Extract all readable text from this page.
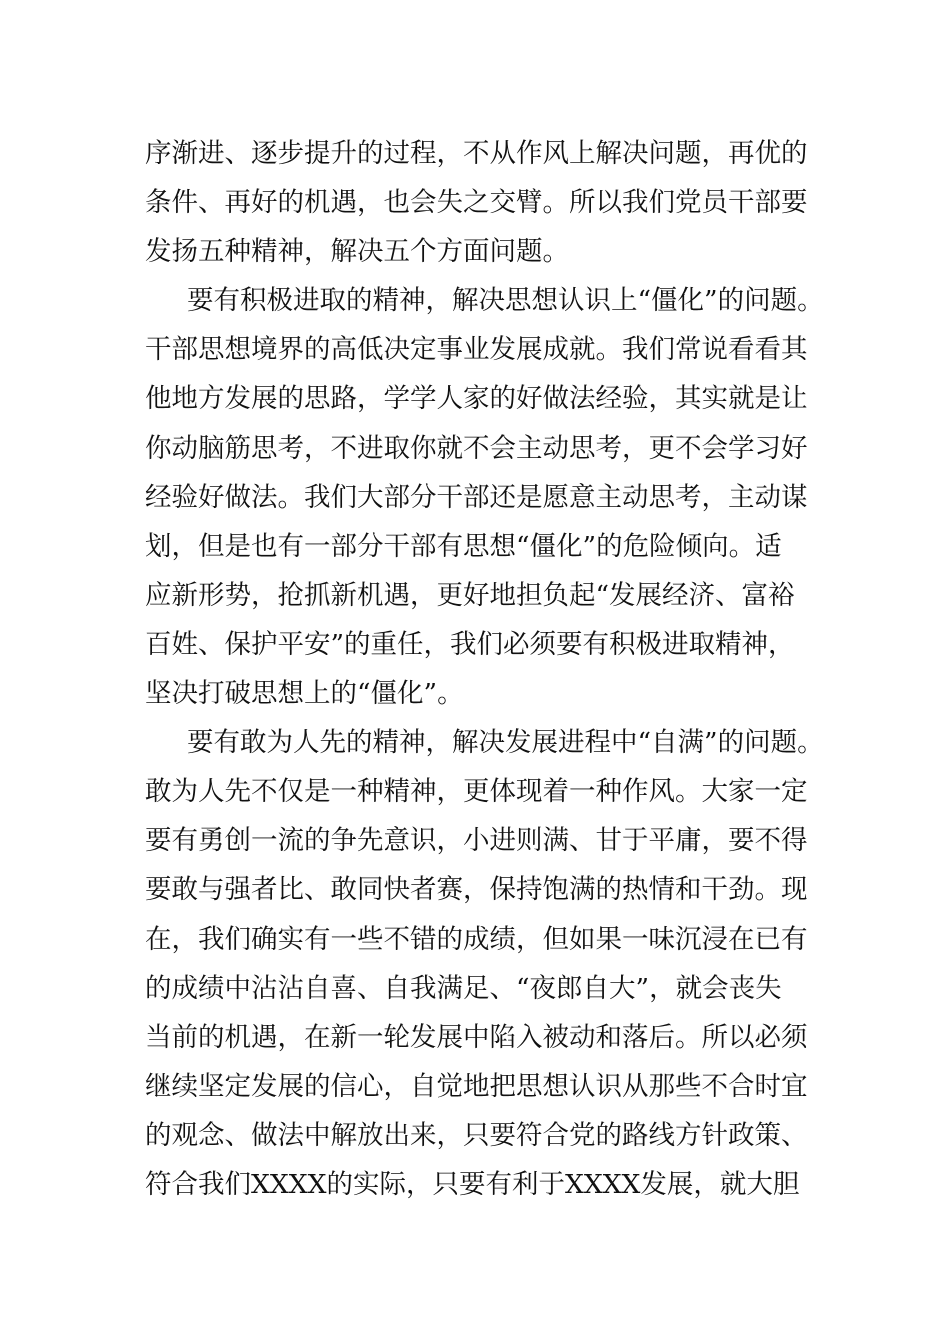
序渐进、逐步提升的过程，不从作风上解决问题，再优的
条件、再好的机遇，也会失之交臂。所以我们党员干部要
发扬五种精神，解决五个方面问题。
要有积极进取的精神，解决思想认识上“僵化”的问题。
干部思想境界的高低决定事业发展成就。我们常说看看其
他地方发展的思路，学学人家的好做法经验，其实就是让
你动脑筋思考，不进取你就不会主动思考，更不会学习好
经验好做法。我们大部分干部还是愿意主动思考，主动谋
划，但是也有一部分干部有思想“僵化”的危险倾向。适
应新形势，抢抓新机遇，更好地担负起“发展经济、富裕
百姓、保护平安”的重任，我们必须要有积极进取精神，
坚决打破思想上的“僵化”。
要有敢为人先的精神，解决发展进程中“自满”的问题。
敢为人先不仅是一种精神，更体现着一种作风。大家一定
要有勇创一流的争先意识，小进则满、甘于平庸，要不得
要敢与强者比、敢同快者赛，保持饱满的热情和干劲。现
在，我们确实有一些不错的成绩，但如果一味沉浸在已有
的成绩中沾沾自喜、自我满足、“夜郎自大”，就会丧失
当前的机遇，在新一轮发展中陷入被动和落后。所以必须
继续坚定发展的信心，自觉地把思想认识从那些不合时宜
的观念、做法中解放出来，只要符合党的路线方针政策、
符合我们XXXX的实际，只要有利于XXXX发展，就大胆
